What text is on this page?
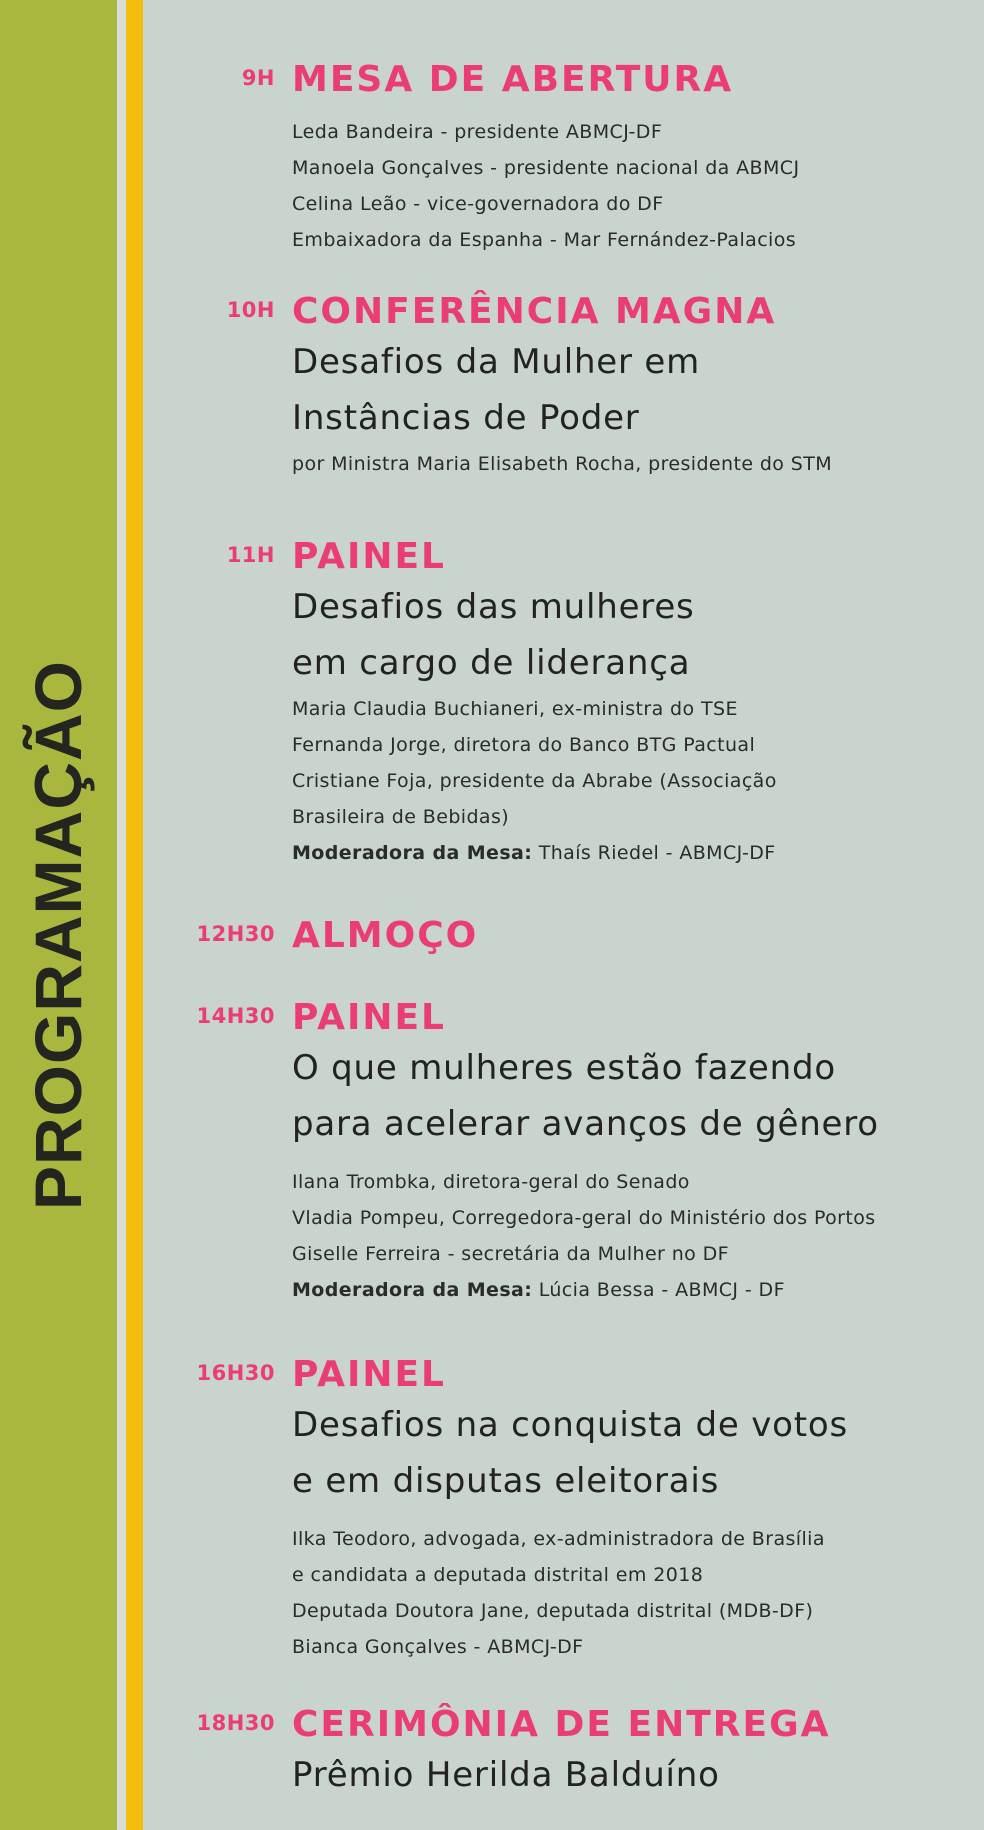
PROGRAMAÇÃO
9H MESA DE ABERTURA
Leda Bandeira - presidente ABMCJ-DF
Manoela Gonçalves - presidente nacional da ABMCJ
Celina Leão - vice-governadora do DF
Embaixadora da Espanha - Mar Fernández-Palacios
10H CONFERÊNCIA MAGNA
Desafios da Mulher em
Instâncias de Poder
por Ministra Maria Elisabeth Rocha, presidente do STM
11H PAINEL
Desafios das mulheres
em cargo de liderança
Maria Claudia Buchianeri, ex-ministra do TSE
Fernanda Jorge, diretora do Banco BTG Pactual
Cristiane Foja, presidente da Abrabe (Associação
Brasileira de Bebidas)
Moderadora da Mesa: Thaís Riedel - ABMCJ-DF
12H30 ALMOÇO
14H30 PAINEL
O que mulheres estão fazendo
para acelerar avanços de gênero
Ilana Trombka, diretora-geral do Senado
Vladia Pompeu, Corregedora-geral do Ministério dos Portos
Giselle Ferreira - secretária da Mulher no DF
Moderadora da Mesa: Lúcia Bessa - ABMCJ - DF
16H30 PAINEL
Desafios na conquista de votos
e em disputas eleitorais
Ilka Teodoro, advogada, ex-administradora de Brasília
e candidata a deputada distrital em 2018
Deputada Doutora Jane, deputada distrital (MDB-DF)
Bianca Gonçalves - ABMCJ-DF
18H30 CERIMÔNIA DE ENTREGA
Prêmio Herilda Balduíno
